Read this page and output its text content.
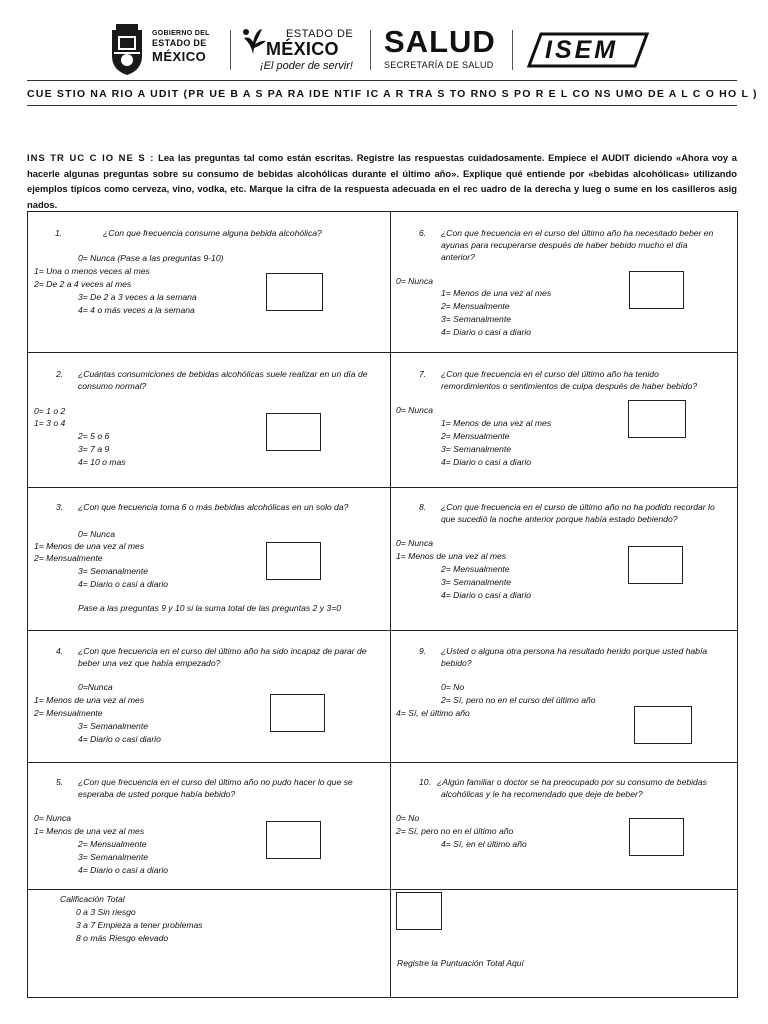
GOBIERNO DEL
ESTADO DE
MÉXICO
ESTADO DE
MÉXICO
¡El poder de servir!
SALUD
SECRETARÍA DE SALUD
ISEM
CUE STIO NA RIO A UDIT (PR UE B A S PA RA IDE NTIF IC A R TRA S TO RNO S PO R E L CO NS UMO DE A L C O HO L )
INS TR UC C IO NE S : Lea las preguntas tal como están escritas. Registre las respuestas cuidadosamente. Empiece el AUDIT diciendo «Ahora voy a hacerle algunas preguntas sobre su consumo de bebidas alcohólicas durante el último año». Explique qué entiende por «bebidas alcohólicas» utilizando ejemplos típicos como cerveza, vino, vodka, etc. Marque la cifra de la respuesta adecuada en el rec uadro de la derecha y lueg o sume en los casilleros asig nados.
1.	¿Con que frecuencia consume alguna bebida alcohólica?
0= Nunca (Pase a las preguntas 9-10)
1= Una o menos veces al mes
2= De 2 a 4 veces al mes
3= De 2 a 3 veces a la semana
4= 4 o más veces a la semana
6. ¿Con que frecuencia en el curso del último año ha necesitado beber en
ayunas para recuperarse después de haber bebido mucho el día
anterior?
0= Nunca
1= Menos de una vez al mes
2= Mensualmente
3= Semanalmente
4= Diario o casi a diario
2. ¿Cuántas consumiciones de bebidas alcohólicas suele realizar en un día de
consumo normal?
0= 1 o 2
1= 3 o 4
2= 5 o 6
3= 7 a 9
4= 10 o mas
7. ¿Con que frecuencia en el curso del último año ha tenido
remordimientos o sentimientos de culpa después de haber bebido?
0= Nunca
1= Menos de una vez al mes
2= Mensualmente
3= Semanalmente
4= Diario o casi a diario
3. ¿Con que frecuencia toma 6 o más bebidas alcohólicas en un solo da?
0= Nunca
1= Menos de una vez al mes
2= Mensualmente
3= Semanalmente
4= Diario o casi a diario
Pase a las preguntas 9 y 10 si la suma total de las preguntas 2 y 3=0
8. ¿Con que frecuencia en el curso de último año no ha podido recordar lo
que sucedió la noche anterior porque había estado bebiendo?
0= Nunca
1= Menos de una vez al mes
2= Mensualmente
3= Semanalmente
4= Diario o casi a diario
4. ¿Con que frecuencia en el curso del último año ha sido incapaz de parar de
beber una vez que había empezado?
0=Nunca
1= Menos de una vez al mes
2= Mensualmente
3= Semanalmente
4= Diario o casi diario
9. ¿Usted o alguna otra persona ha resultado herido porque usted había
bebido?
0= No
2= Sí, pero no en el curso del último año
4= Sí, el último año
5. ¿Con que frecuencia en el curso del último año no pudo hacer lo que se
esperaba de usted porque había bebido?
0= Nunca
1= Menos de una vez al mes
2= Mensualmente
3= Semanalmente
4= Diario o casi a diario
10. ¿Algún familiar o doctor se ha preocupado por su consumo de bebidas
alcohólicas y le ha recomendado que deje de beber?
0= No
2= Sí, pero no en el último año
4= Sí, en el último año
Calificación Total
0 a 3 Sin riesgo
3 a 7 Empieza a tener problemas
8 o más Riesgo elevado
Registre la Puntuación Total Aquí
